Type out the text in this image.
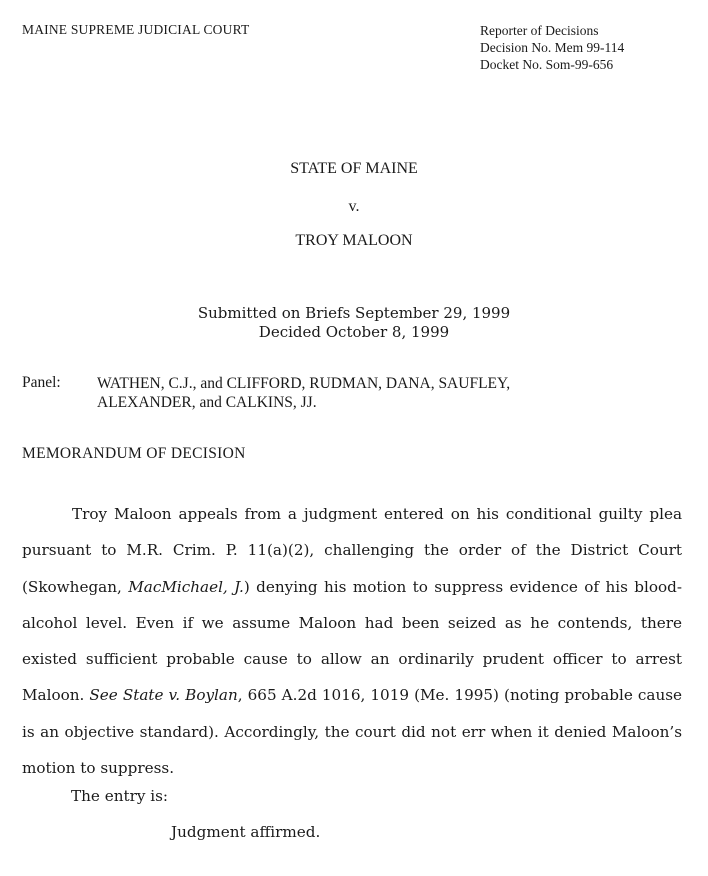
MAINE SUPREME JUDICIAL COURT	Reporter of Decisions
Decision No. Mem 99-114
Docket No. Som-99-656
STATE OF MAINE
v.
TROY MALOON
Submitted on Briefs September 29, 1999
Decided October 8, 1999
Panel: WATHEN, C.J., and CLIFFORD, RUDMAN, DANA, SAUFLEY,
ALEXANDER, and CALKINS, JJ.
MEMORANDUM OF DECISION

Troy Maloon appeals from a judgment entered on his conditional guilty plea pursuant to M.R. Crim. P. 11(a)(2), challenging the order of the District Court (Skowhegan, MacMichael, J.) denying his motion to suppress evidence of his blood-alcohol level. Even if we assume Maloon had been seized as he contends, there existed sufficient probable cause to allow an ordinarily prudent officer to arrest Maloon. See State v. Boylan, 665 A.2d 1016, 1019 (Me. 1995) (noting probable cause is an objective standard). Accordingly, the court did not err when it denied Maloon’s motion to suppress.

The entry is:
Judgment affirmed.
